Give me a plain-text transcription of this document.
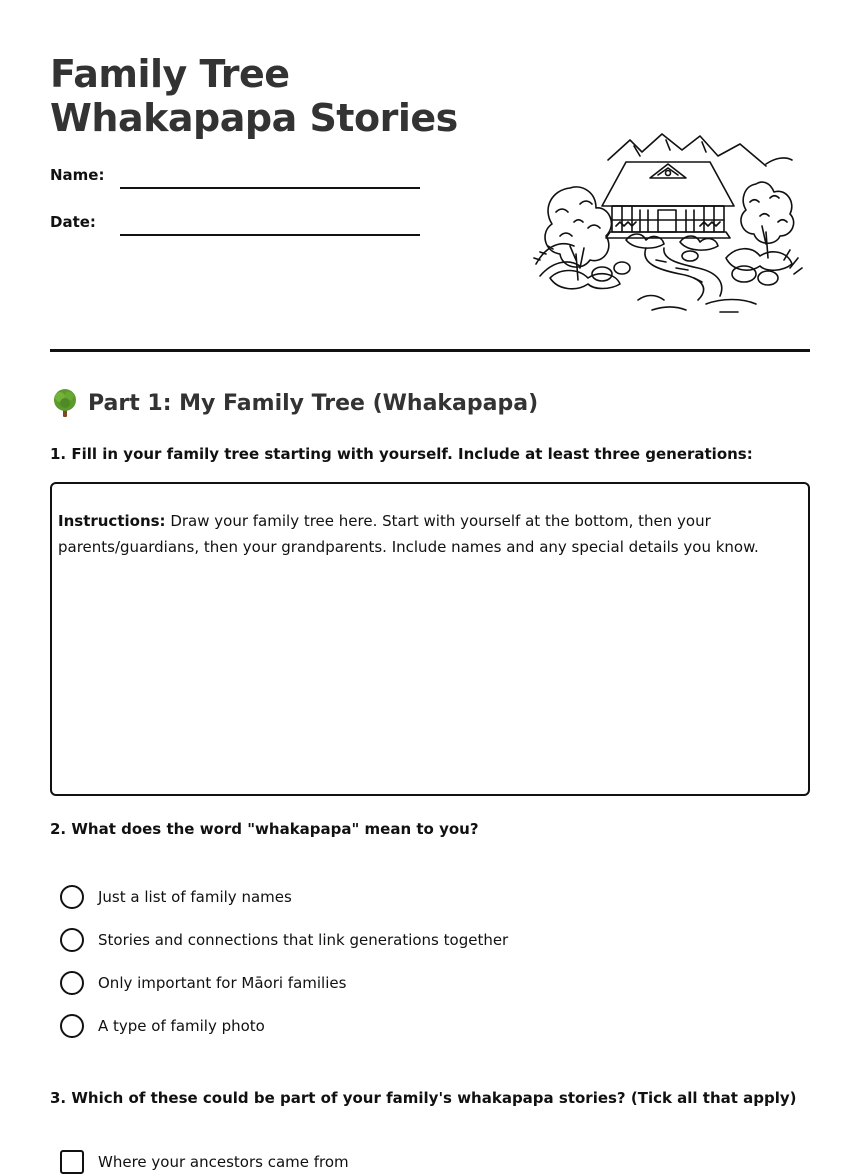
Family Tree Whakapapa Stories
Name:
Date:
Part 1: My Family Tree (Whakapapa)
1. Fill in your family tree starting with yourself. Include at least three generations:
Instructions: Draw your family tree here. Start with yourself at the bottom, then your parents/guardians, then your grandparents. Include names and any special details you know.
2. What does the word "whakapapa" mean to you?
Just a list of family names
Stories and connections that link generations together
Only important for Māori families
A type of family photo
3. Which of these could be part of your family's whakapapa stories? (Tick all that apply)
Where your ancestors came from
